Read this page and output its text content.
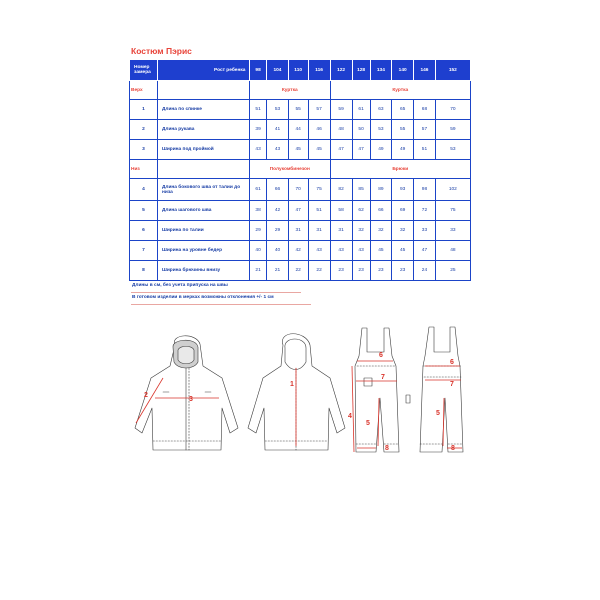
Костюм Пэрис
Номер замера	Рост ребенка	98	104	110	116	122	128	134	140	146	152
Верх		Куртка				Куртка					
1	Длина по спинке	51	53	55	57	59	61	63	65	68	70
2	Длина рукава	39	41	44	46	48	50	53	55	57	59
3	Ширина под проймой	43	43	45	45	47	47	49	49	51	53
Низ		Полукомбинезон				Брюки					
4	Длина бокового шва от талии до низа	61	66	70	75	82	85	89	93	98	102
5	Длина шагового шва	38	42	47	51	58	62	66	69	72	75
6	Ширина по талии	29	29	31	31	31	32	32	32	33	33
7	Ширина на уровне бедер	40	40	42	43	43	43	45	45	47	48
8	Ширина брючины внизу	21	21	22	22	23	23	23	23	24	25
Длины в см, без учета припуска на швы
В готовом изделии в мерках возможны отклонения +/- 1 см
2
3
1
6
7
4
5
8
6
7
5
8
